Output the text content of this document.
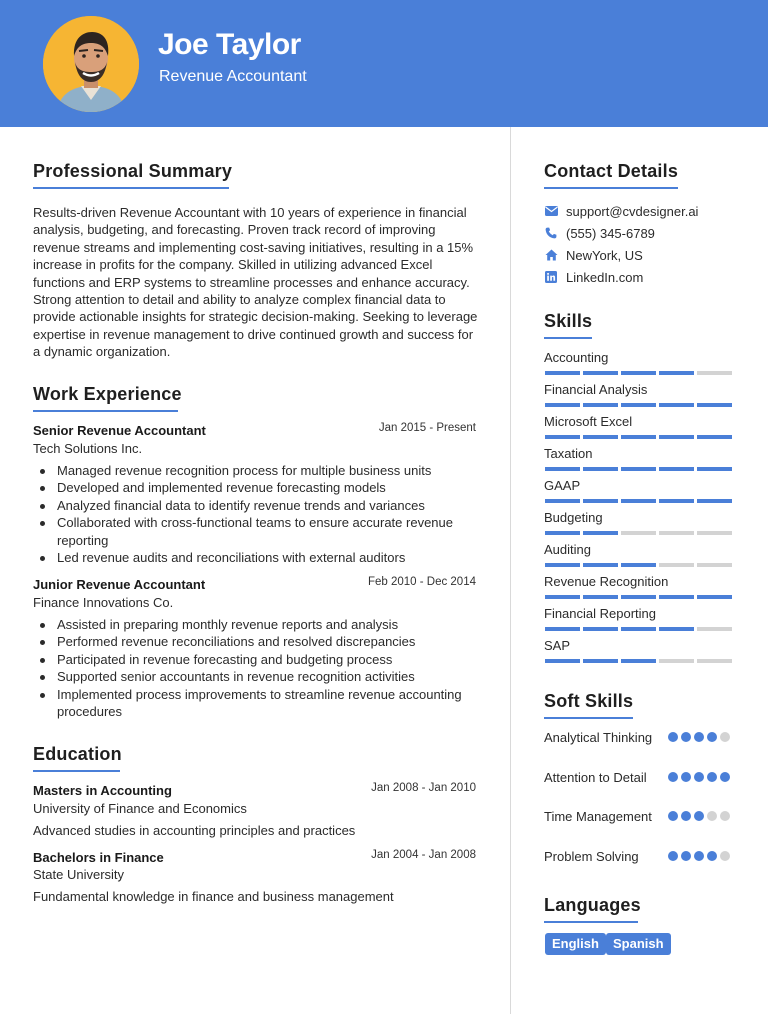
Joe Taylor
Revenue Accountant
Professional Summary
Results-driven Revenue Accountant with 10 years of experience in financial analysis, budgeting, and forecasting. Proven track record of improving revenue streams and implementing cost-saving initiatives, resulting in a 15% increase in profits for the company. Skilled in utilizing advanced Excel functions and ERP systems to streamline processes and enhance accuracy. Strong attention to detail and ability to analyze complex financial data to provide actionable insights for strategic decision-making. Seeking to leverage expertise in revenue management to drive continued growth and success for a dynamic organization.
Work Experience
Senior Revenue Accountant	Jan 2015 - Present
Tech Solutions Inc.
Managed revenue recognition process for multiple business units
Developed and implemented revenue forecasting models
Analyzed financial data to identify revenue trends and variances
Collaborated with cross-functional teams to ensure accurate revenue reporting
Led revenue audits and reconciliations with external auditors
Junior Revenue Accountant	Feb 2010 - Dec 2014
Finance Innovations Co.
Assisted in preparing monthly revenue reports and analysis
Performed revenue reconciliations and resolved discrepancies
Participated in revenue forecasting and budgeting process
Supported senior accountants in revenue recognition activities
Implemented process improvements to streamline revenue accounting procedures
Education
Masters in Accounting	Jan 2008 - Jan 2010
University of Finance and Economics
Advanced studies in accounting principles and practices
Bachelors in Finance	Jan 2004 - Jan 2008
State University
Fundamental knowledge in finance and business management
Contact Details
support@cvdesigner.ai
(555) 345-6789
NewYork, US
LinkedIn.com
Skills
Accounting
Financial Analysis
Microsoft Excel
Taxation
GAAP
Budgeting
Auditing
Revenue Recognition
Financial Reporting
SAP
Soft Skills
Analytical Thinking
Attention to Detail
Time Management
Problem Solving
Languages
English	Spanish
